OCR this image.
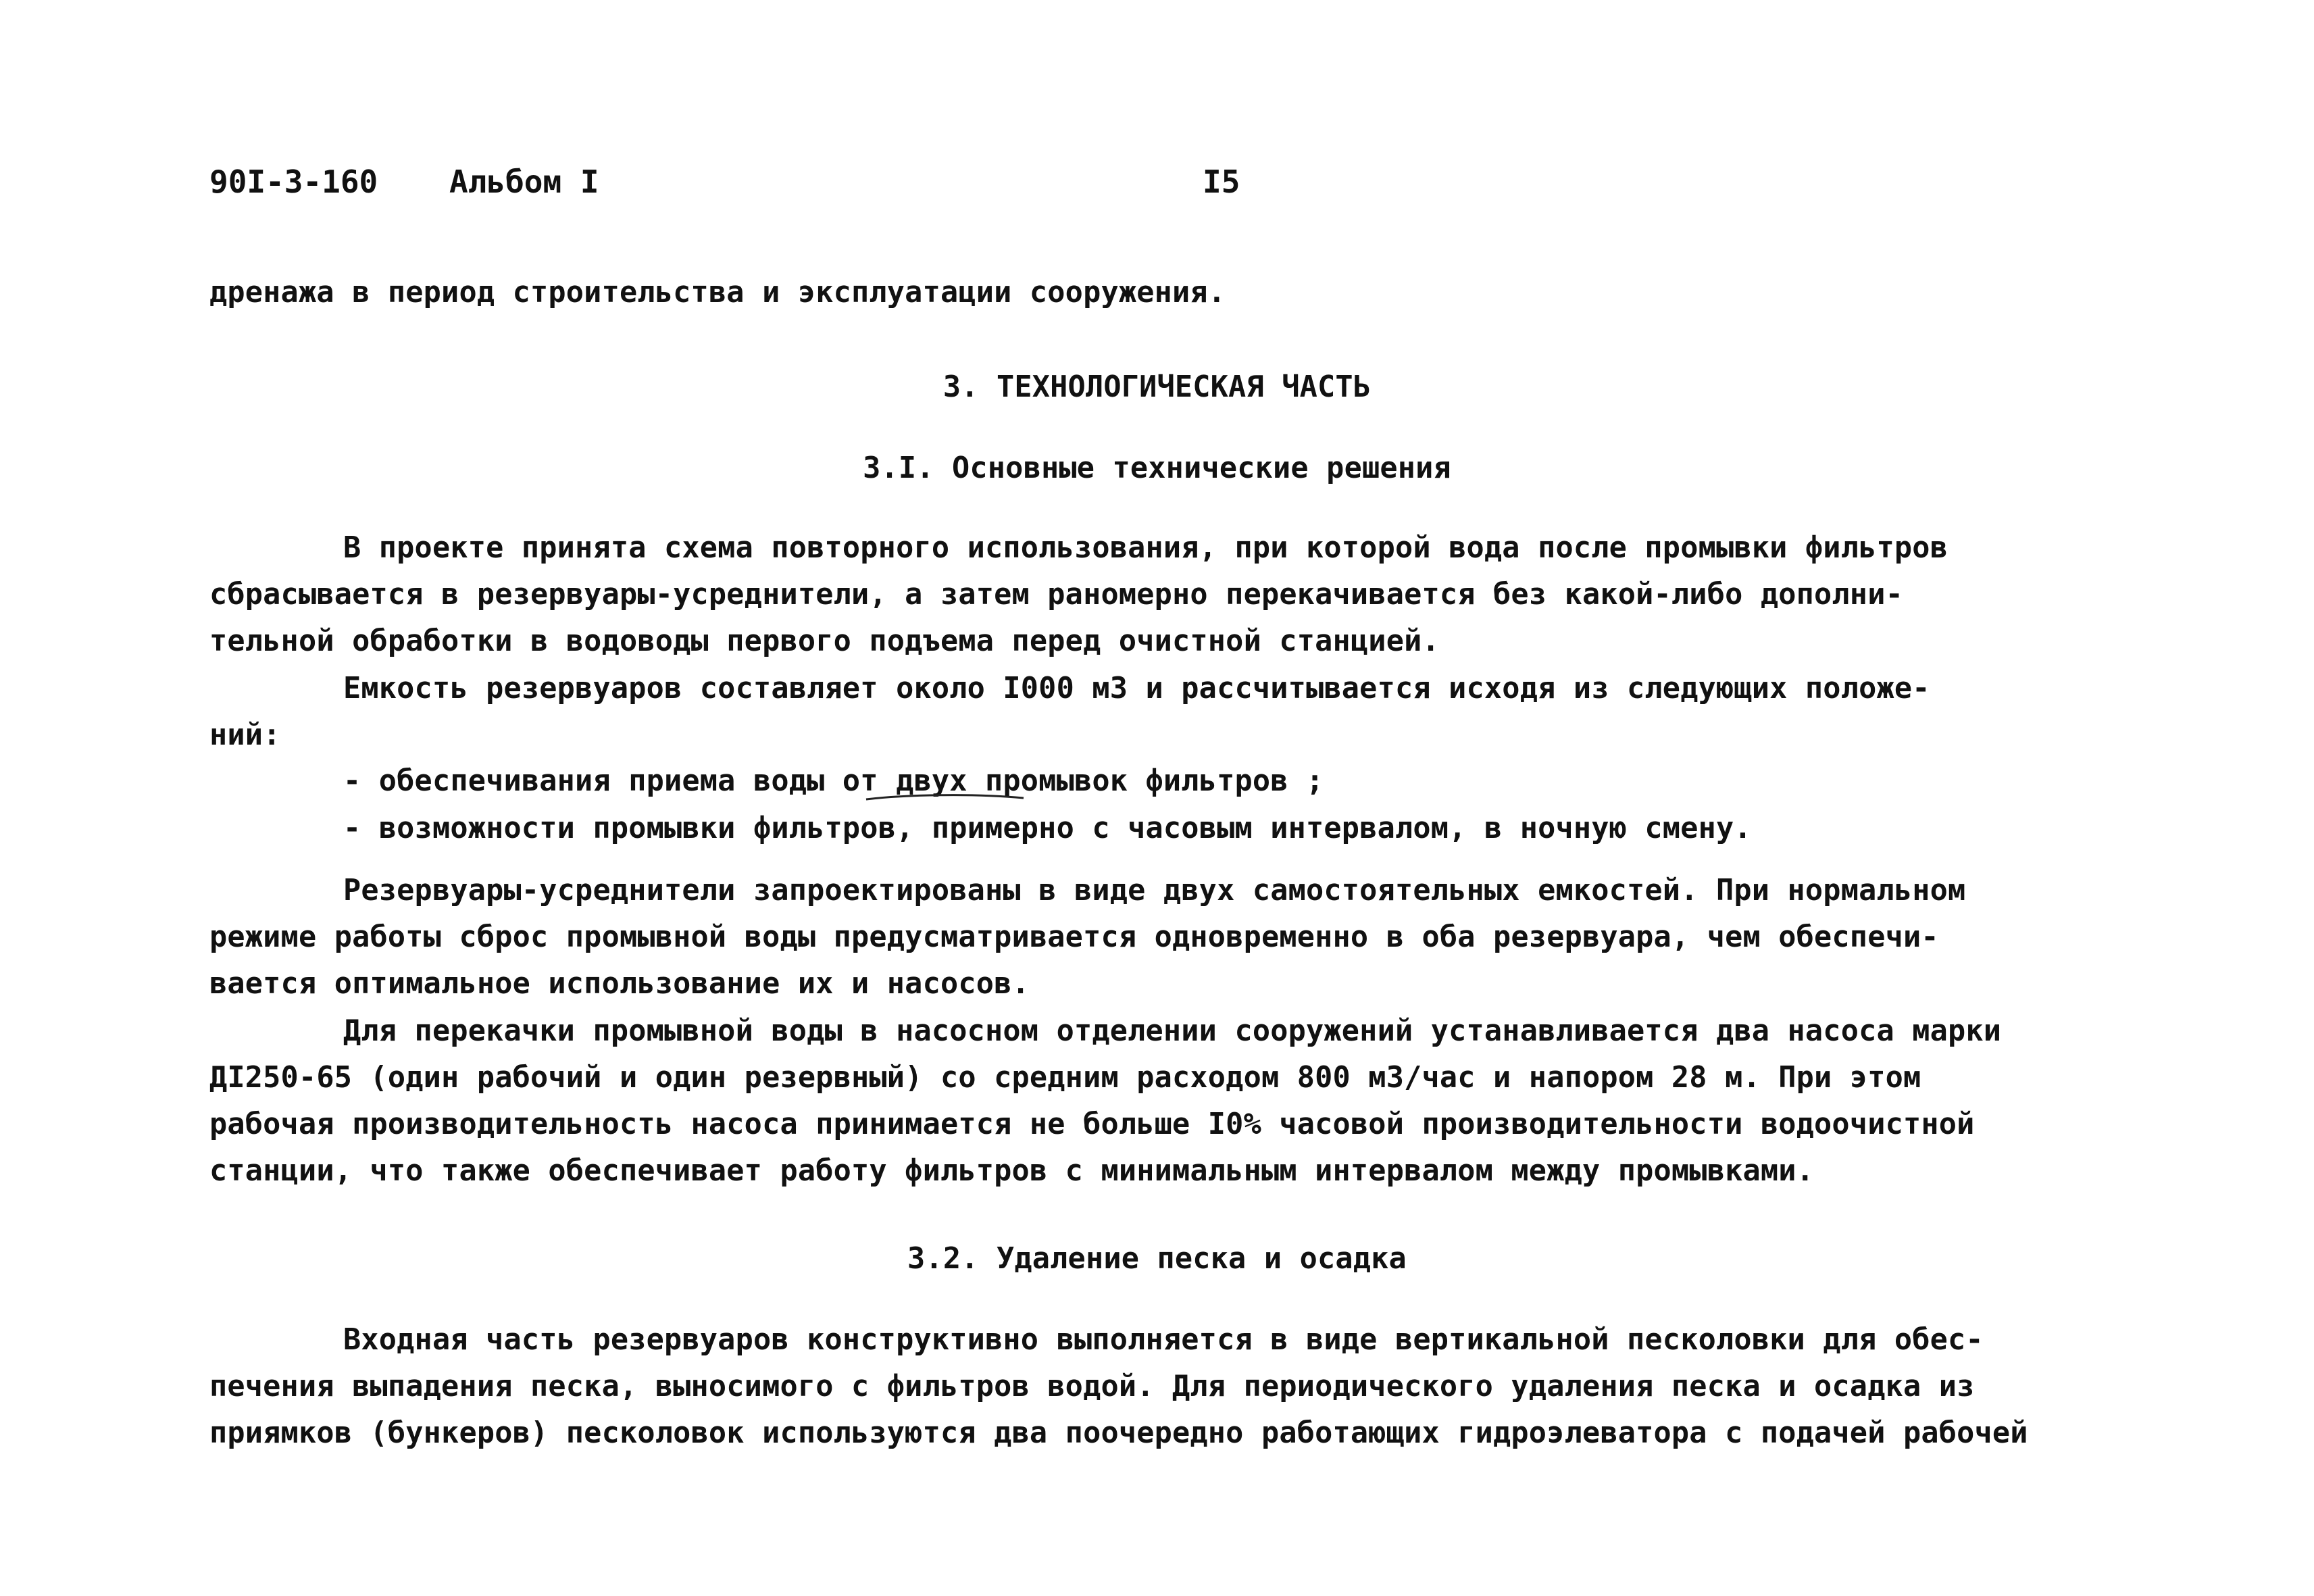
90I-3-160 Альбом I	I5
дренажа в период строительства и эксплуатации сооружения.
3. ТЕХНОЛОГИЧЕСКАЯ ЧАСТЬ
3.I. Основные технические решения
В проекте принята схема повторного использования, при которой вода после промывки фильтров
сбрасывается в резервуары-усреднители, а затем раномерно перекачивается без какой-либо дополни-
тельной обработки в водоводы первого подъема перед очистной станцией.
Емкость резервуаров составляет около I000 м3 и рассчитывается исходя из следующих положе-
ний:
- обеспечивания приема воды от двух промывок фильтров ;
- возможности промывки фильтров, примерно с часовым интервалом, в ночную смену.
Резервуары-усреднители запроектированы в виде двух самостоятельных емкостей. При нормальном
режиме работы сброс промывной воды предусматривается одновременно в оба резервуара, чем обеспечи-
вается оптимальное использование их и насосов.
Для перекачки промывной воды в насосном отделении сооружений устанавливается два насоса марки
ДI250-65 (один рабочий и один резервный) со средним расходом 800 м3/час и напором 28 м. При этом
рабочая производительность насоса принимается не больше I0% часовой производительности водоочистной
станции, что также обеспечивает работу фильтров с минимальным интервалом между промывками.
3.2. Удаление песка и осадка
Входная часть резервуаров конструктивно выполняется в виде вертикальной песколовки для обес-
печения выпадения песка, выносимого с фильтров водой. Для периодического удаления песка и осадка из
приямков (бункеров) песколовок используются два поочередно работающих гидроэлеватора с подачей рабочей
